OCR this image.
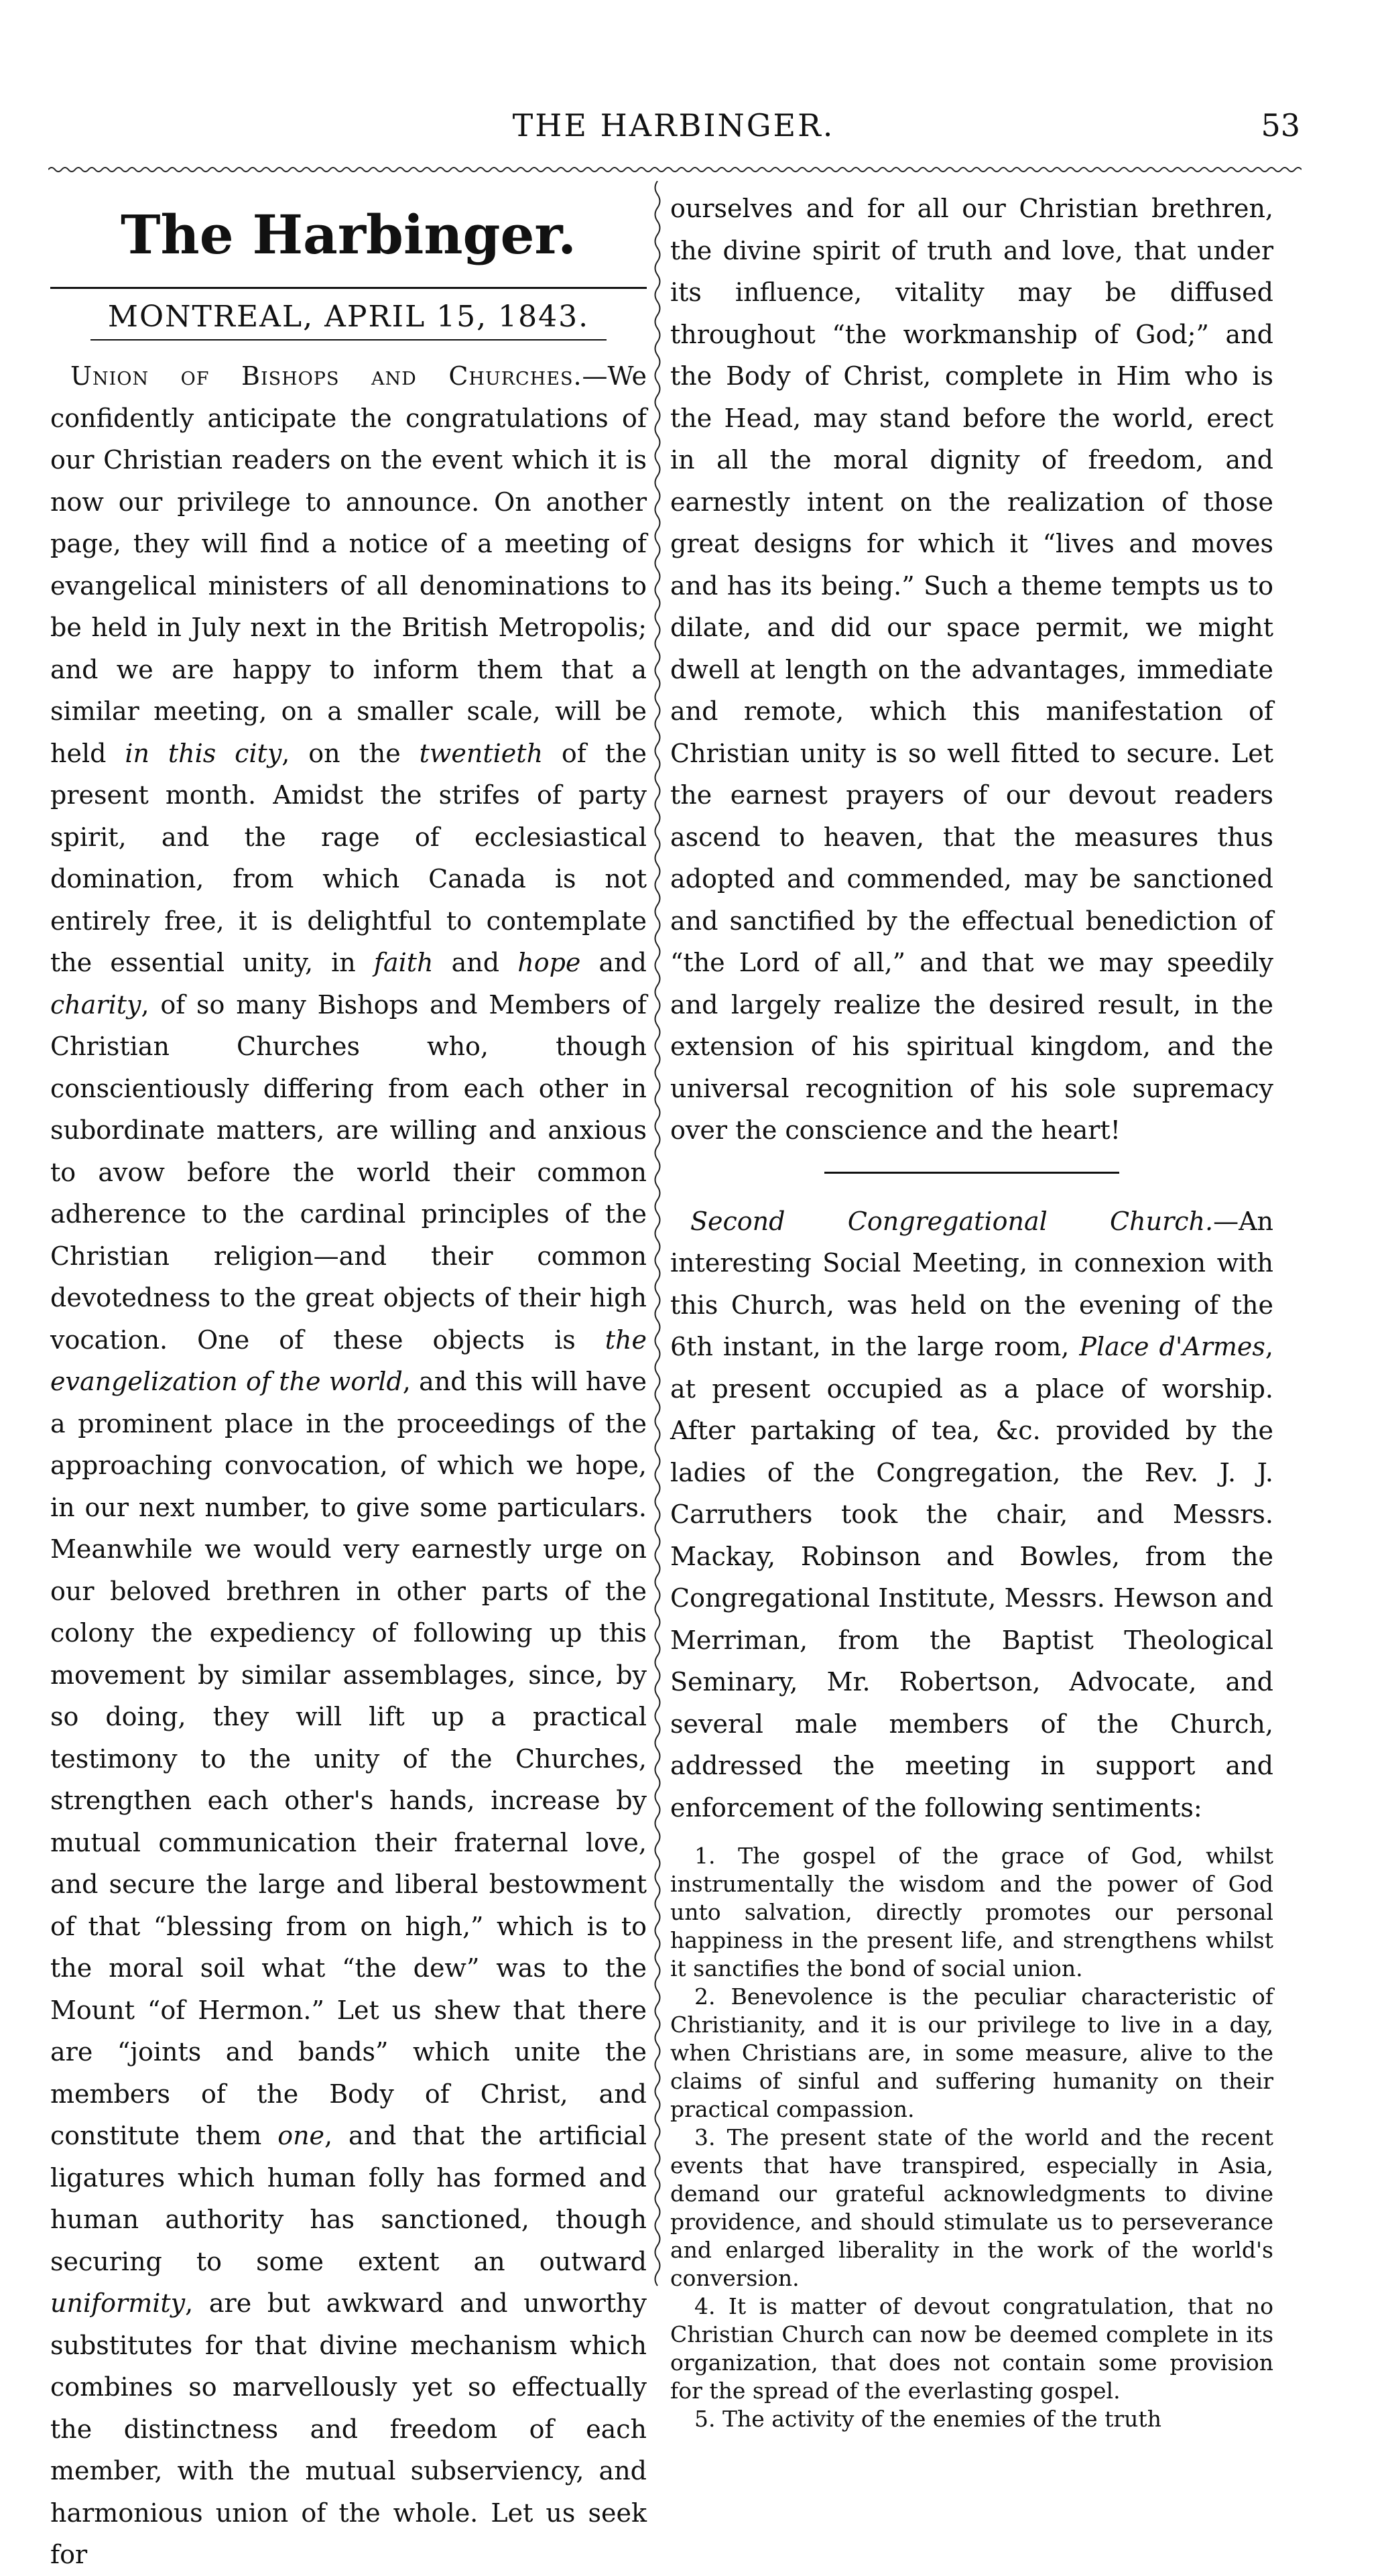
THE HARBINGER.	53
The Harbinger.
MONTREAL, APRIL 15, 1843.

Union of Bishops and Churches.—We confidently anticipate the congratulations of our Christian readers on the event which it is now our privilege to announce. On another page, they will find a notice of a meeting of evangelical ministers of all denominations to be held in July next in the British Metropolis; and we are happy to inform them that a similar meeting, on a smaller scale, will be held in this city, on the twentieth of the present month. Amidst the strifes of party spirit, and the rage of ecclesiastical domination, from which Canada is not entirely free, it is delightful to contemplate the essential unity, in faith and hope and charity, of so many Bishops and Members of Christian Churches who, though conscientiously differing from each other in subordinate matters, are willing and anxious to avow before the world their common adherence to the cardinal principles of the Christian religion—and their common devotedness to the great objects of their high vocation. One of these objects is the evangelization of the world, and this will have a prominent place in the proceedings of the approaching convocation, of which we hope, in our next number, to give some particulars. Meanwhile we would very earnestly urge on our beloved brethren in other parts of the colony the expediency of following up this movement by similar assemblages, since, by so doing, they will lift up a practical testimony to the unity of the Churches, strengthen each other's hands, increase by mutual communication their fraternal love, and secure the large and liberal bestowment of that “blessing from on high,” which is to the moral soil what “the dew” was to the Mount “of Hermon.” Let us shew that there are “joints and bands” which unite the members of the Body of Christ, and constitute them one, and that the artificial ligatures which human folly has formed and human authority has sanctioned, though securing to some extent an outward uniformity, are but awkward and unworthy substitutes for that divine mechanism which combines so marvellously yet so effectually the distinctness and freedom of each member, with the mutual subserviency, and harmonious union of the whole. Let us seek for

ourselves and for all our Christian brethren, the divine spirit of truth and love, that under its influence, vitality may be diffused throughout “the workmanship of God;” and the Body of Christ, complete in Him who is the Head, may stand before the world, erect in all the moral dignity of freedom, and earnestly intent on the realization of those great designs for which it “lives and moves and has its being.” Such a theme tempts us to dilate, and did our space permit, we might dwell at length on the advantages, immediate and remote, which this manifestation of Christian unity is so well fitted to secure. Let the earnest prayers of our devout readers ascend to heaven, that the measures thus adopted and commended, may be sanctioned and sanctified by the effectual benediction of “the Lord of all,” and that we may speedily and largely realize the desired result, in the extension of his spiritual kingdom, and the universal recognition of his sole supremacy over the conscience and the heart!

Second Congregational Church.—An interesting Social Meeting, in connexion with this Church, was held on the evening of the 6th instant, in the large room, Place d'Armes, at present occupied as a place of worship. After partaking of tea, &c. provided by the ladies of the Congregation, the Rev. J. J. Carruthers took the chair, and Messrs. Mackay, Robinson and Bowles, from the Congregational Institute, Messrs. Hewson and Merriman, from the Baptist Theological Seminary, Mr. Robertson, Advocate, and several male members of the Church, addressed the meeting in support and enforcement of the following sentiments:

1. The gospel of the grace of God, whilst instrumentally the wisdom and the power of God unto salvation, directly promotes our personal happiness in the present life, and strengthens whilst it sanctifies the bond of social union.
2. Benevolence is the peculiar characteristic of Christianity, and it is our privilege to live in a day, when Christians are, in some measure, alive to the claims of sinful and suffering humanity on their practical compassion.
3. The present state of the world and the recent events that have transpired, especially in Asia, demand our grateful acknowledgments to divine providence, and should stimulate us to perseverance and enlarged liberality in the work of the world's conversion.
4. It is matter of devout congratulation, that no Christian Church can now be deemed complete in its organization, that does not contain some provision for the spread of the everlasting gospel.
5. The activity of the enemies of the truth
